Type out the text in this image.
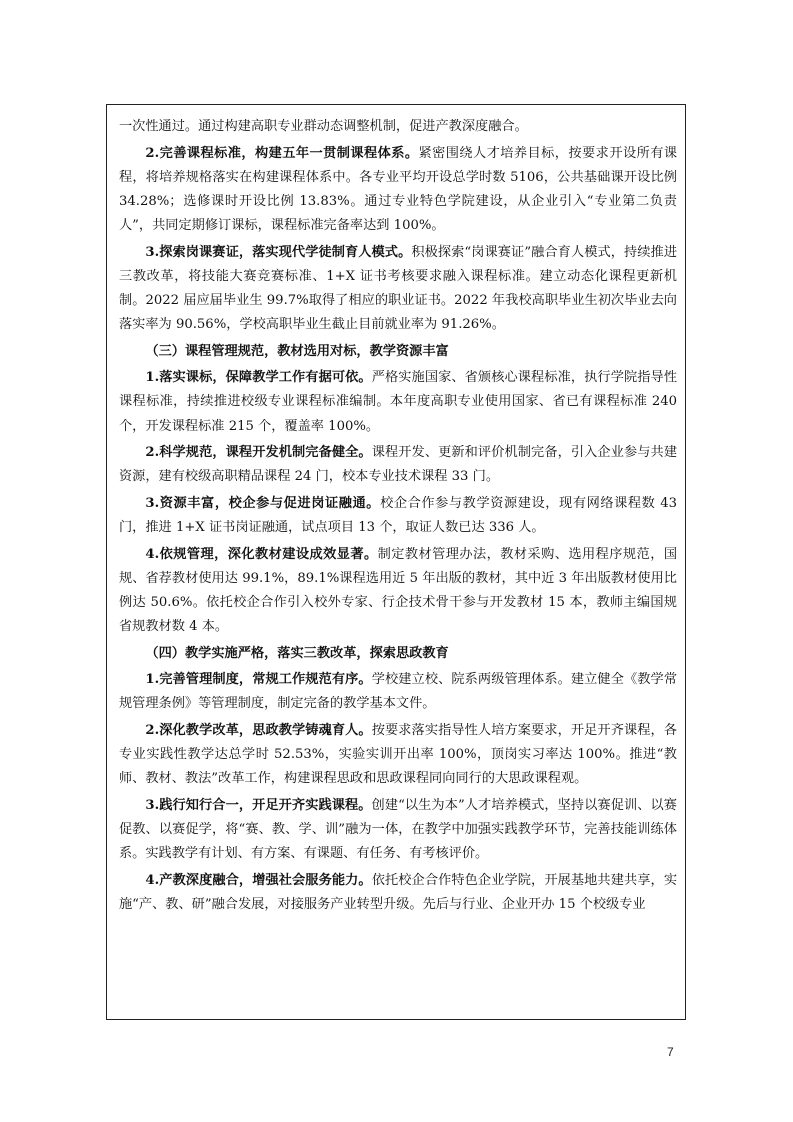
一次性通过。通过构建高职专业群动态调整机制，促进产教深度融合。

2.完善课程标准，构建五年一贯制课程体系。紧密围绕人才培养目标，按要求开设所有课程，将培养规格落实在构建课程体系中。各专业平均开设总学时数 5106，公共基础课开设比例 34.28%；选修课时开设比例 13.83%。通过专业特色学院建设，从企业引入“专业第二负责人”，共同定期修订课标，课程标准完备率达到 100%。

3.探索岗课赛证，落实现代学徒制育人模式。积极探索“岗课赛证”融合育人模式，持续推进三教改革，将技能大赛竞赛标准、1+X 证书考核要求融入课程标准。建立动态化课程更新机制。2022 届应届毕业生 99.7%取得了相应的职业证书。2022 年我校高职毕业生初次毕业去向落实率为 90.56%，学校高职毕业生截止目前就业率为 91.26%。

（三）课程管理规范，教材选用对标，教学资源丰富

1.落实课标，保障教学工作有据可依。严格实施国家、省颁核心课程标准，执行学院指导性课程标准，持续推进校级专业课程标准编制。本年度高职专业使用国家、省已有课程标准 240 个，开发课程标准 215 个，覆盖率 100%。

2.科学规范，课程开发机制完备健全。课程开发、更新和评价机制完备，引入企业参与共建资源，建有校级高职精品课程 24 门，校本专业技术课程 33 门。

3.资源丰富，校企参与促进岗证融通。校企合作参与教学资源建设，现有网络课程数 43 门，推进 1+X 证书岗证融通，试点项目 13 个，取证人数已达 336 人。

4.依规管理，深化教材建设成效显著。制定教材管理办法，教材采购、选用程序规范，国规、省荐教材使用达 99.1%，89.1%课程选用近 5 年出版的教材，其中近 3 年出版教材使用比例达 50.6%。依托校企合作引入校外专家、行企技术骨干参与开发教材 15 本，教师主编国规省规教材数 4 本。

（四）教学实施严格，落实三教改革，探索思政教育

1.完善管理制度，常规工作规范有序。学校建立校、院系两级管理体系。建立健全《教学常规管理条例》等管理制度，制定完备的教学基本文件。

2.深化教学改革，思政教学铸魂育人。按要求落实指导性人培方案要求，开足开齐课程，各专业实践性教学达总学时 52.53%，实验实训开出率 100%，顶岗实习率达 100%。推进“教师、教材、教法”改革工作，构建课程思政和思政课程同向同行的大思政课程观。

3.践行知行合一，开足开齐实践课程。创建“以生为本”人才培养模式，坚持以赛促训、以赛促教、以赛促学，将“赛、教、学、训”融为一体，在教学中加强实践教学环节，完善技能训练体系。实践教学有计划、有方案、有课题、有任务、有考核评价。

4.产教深度融合，增强社会服务能力。依托校企合作特色企业学院，开展基地共建共享，实施“产、教、研”融合发展，对接服务产业转型升级。先后与行业、企业开办 15 个校级专业

7
